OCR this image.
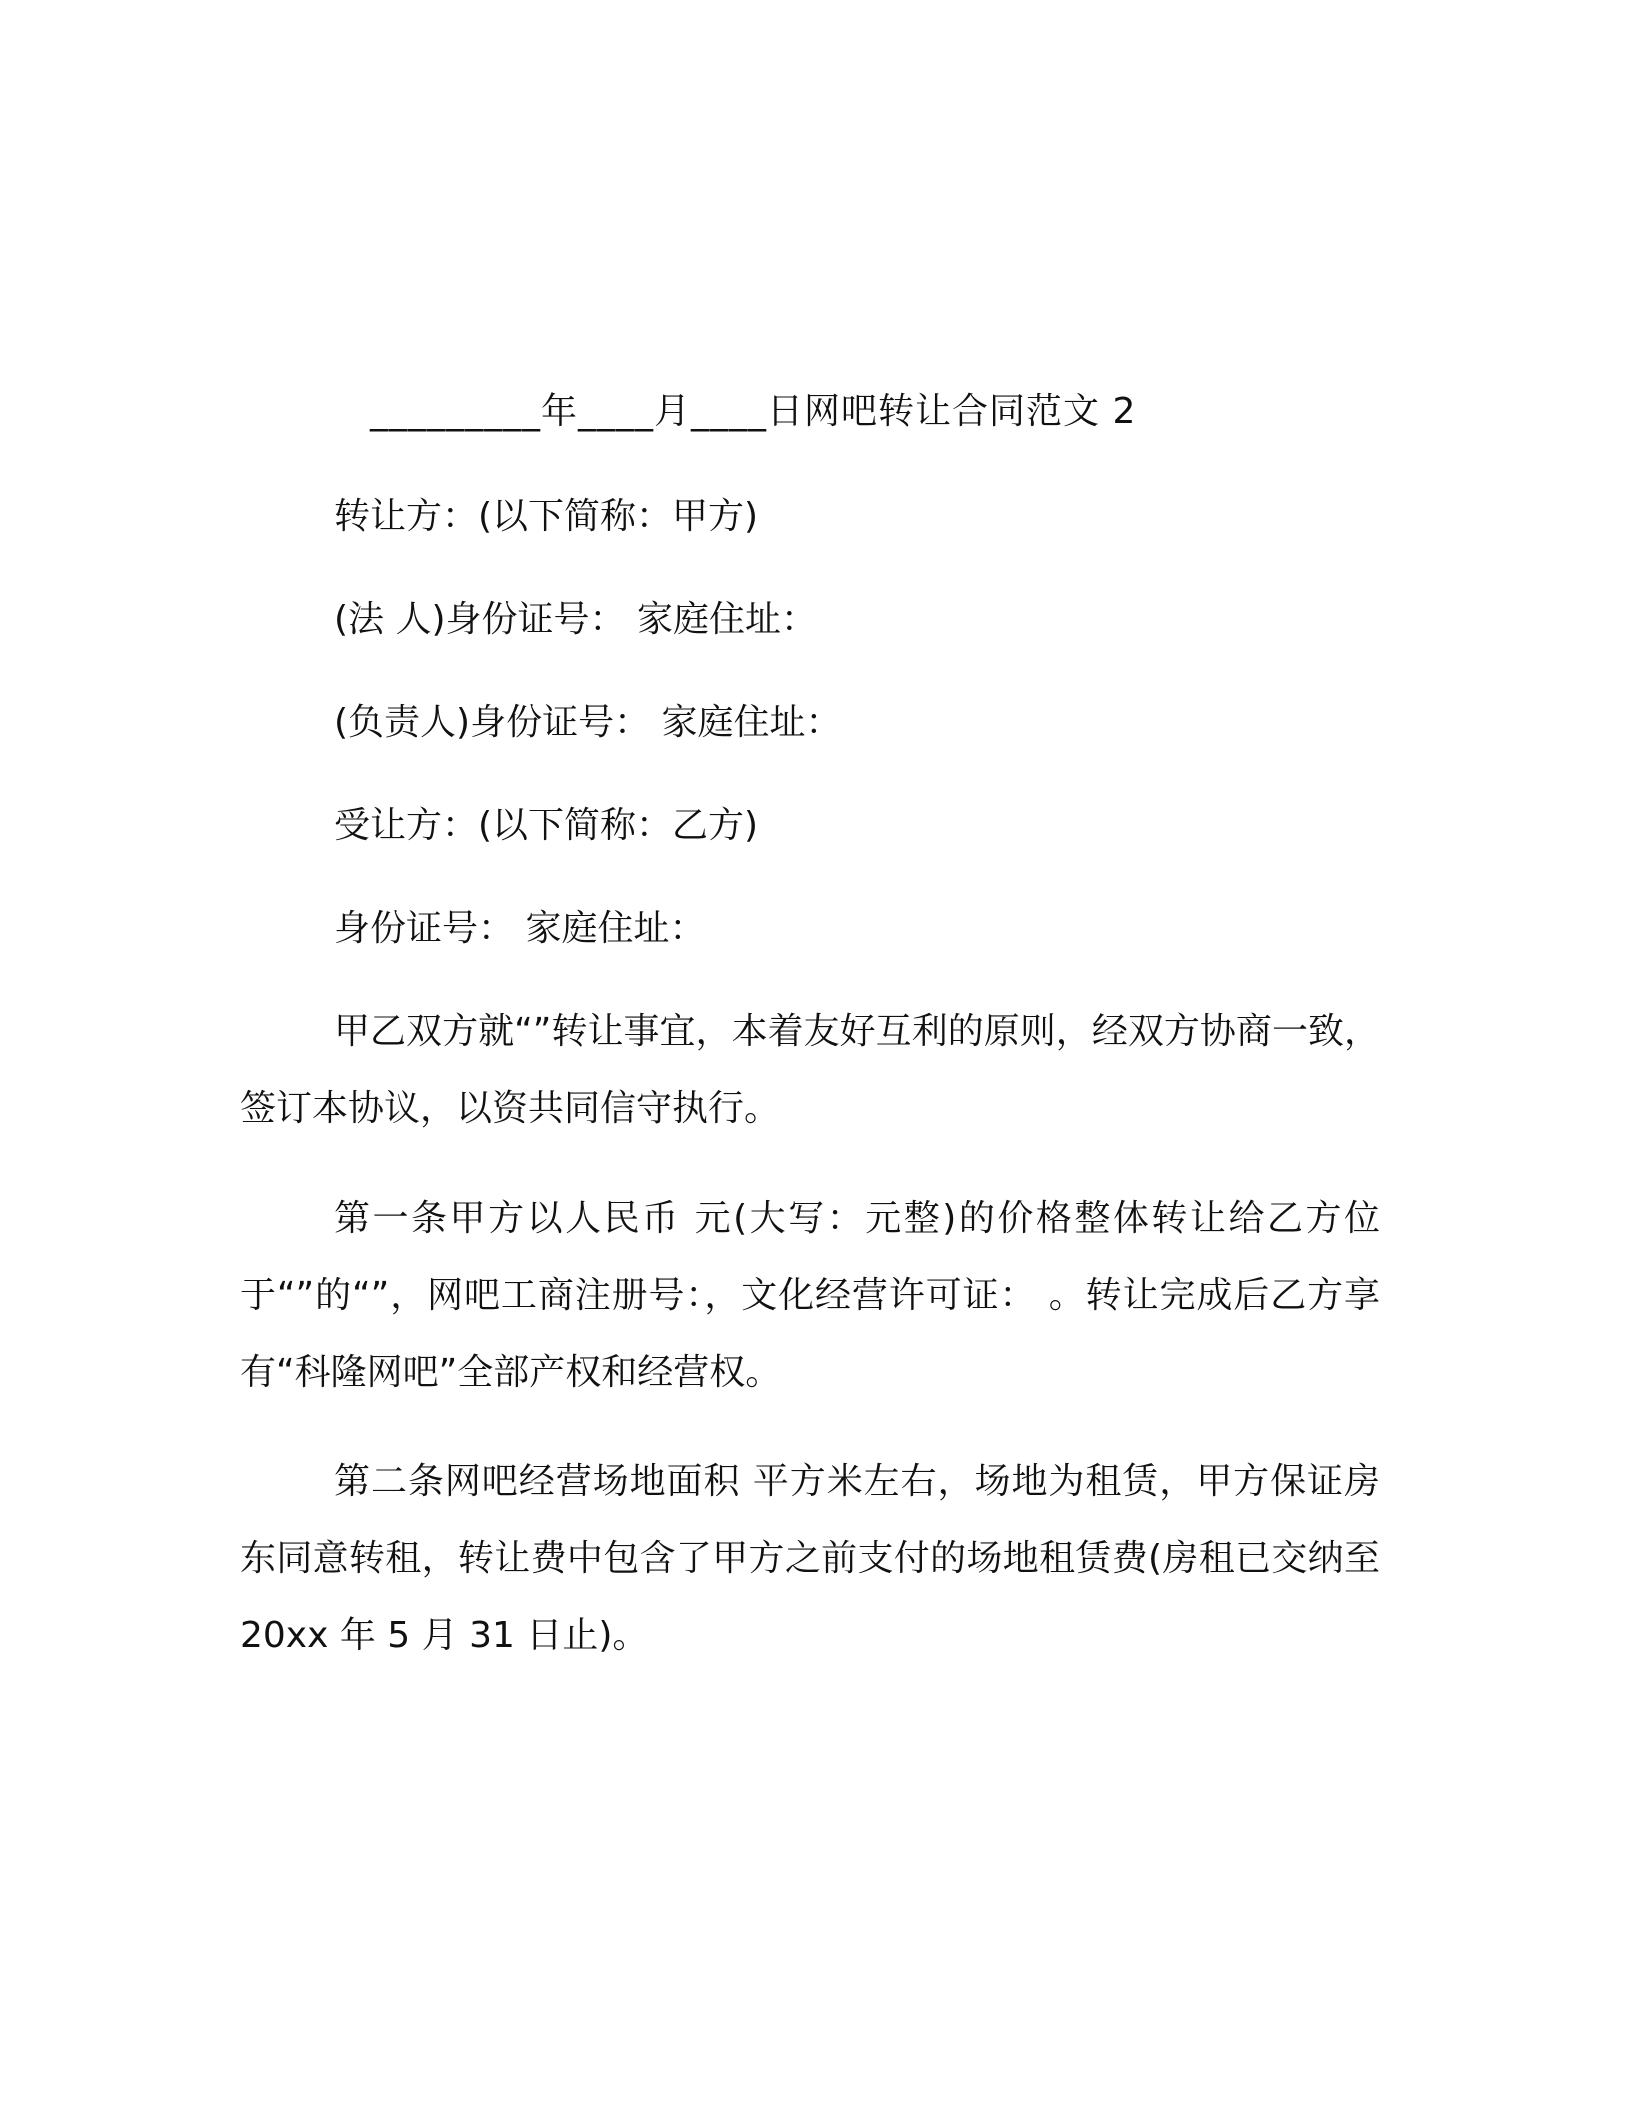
_________年____月____日网吧转让合同范文 2
转让方：(以下简称：甲方)
(法 人)身份证号： 家庭住址：
(负责人)身份证号： 家庭住址：
受让方：(以下简称：乙方)
身份证号： 家庭住址：

甲乙双方就“”转让事宜，本着友好互利的原则，经双方协商一致，签订本协议，以资共同信守执行。

第一条甲方以人民币 元(大写：元整)的价格整体转让给乙方位于“”的“”，网吧工商注册号：，文化经营许可证： 。转让完成后乙方享有“科隆网吧”全部产权和经营权。

第二条网吧经营场地面积 平方米左右，场地为租赁，甲方保证房东同意转租，转让费中包含了甲方之前支付的场地租赁费(房租已交纳至 20xx 年 5 月 31 日止)。
